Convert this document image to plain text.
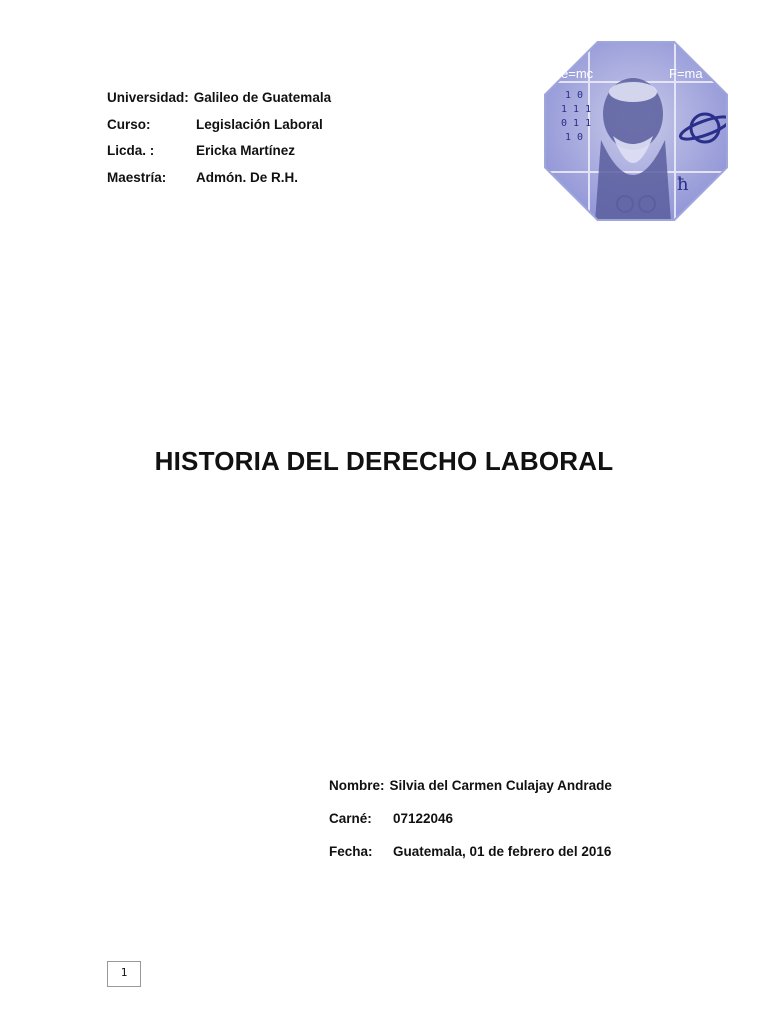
Universidad: Galileo de Guatemala
Curso:	Legislación Laboral
Licda. :	Ericka Martínez
Maestría:	Admón. De R.H.
e=mc	F=ma
1 0
1 1 1
0 1 1
1 0
ħ
HISTORIA DEL DERECHO LABORAL
Nombre: Silvia del Carmen Culajay Andrade
Carné:	07122046
Fecha:	Guatemala, 01 de febrero del 2016
1
